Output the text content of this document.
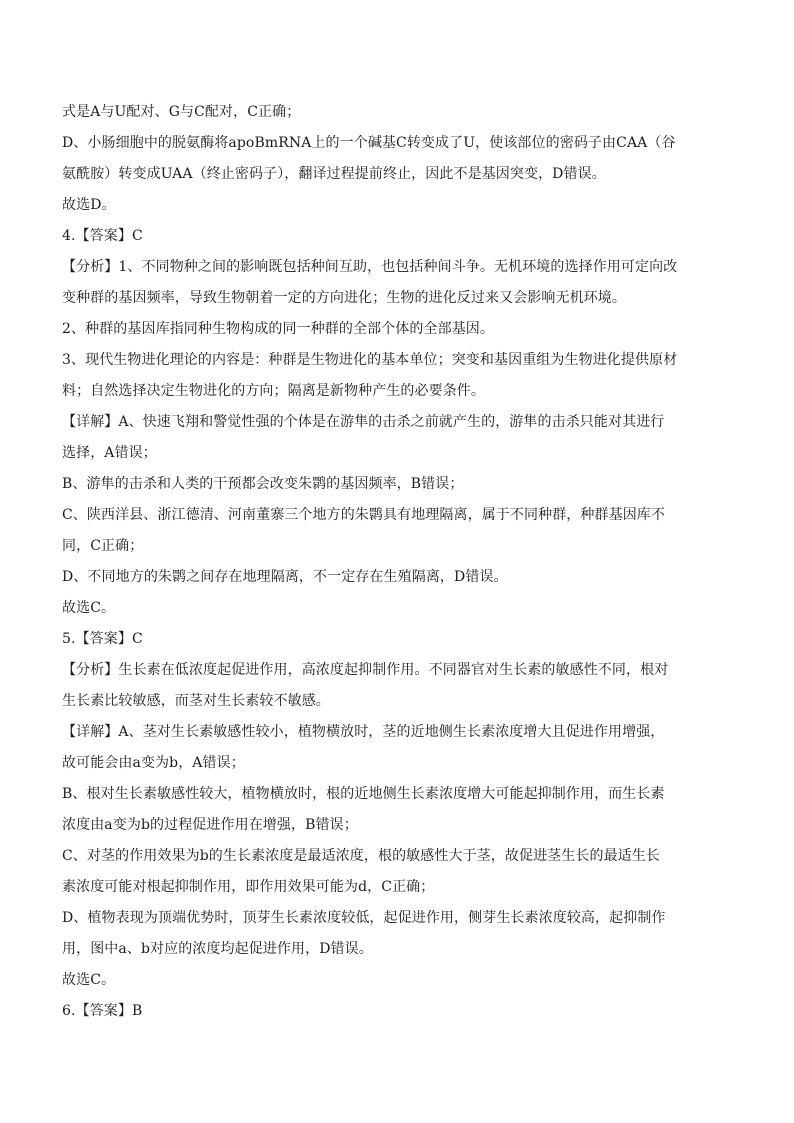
式是A与U配对、G与C配对，C正确；
D、小肠细胞中的脱氨酶将apoBmRNA上的一个碱基C转变成了U，使该部位的密码子由CAA（谷
氨酰胺）转变成UAA（终止密码子），翻译过程提前终止，因此不是基因突变，D错误。
故选D。
4.【答案】C
【分析】1、不同物种之间的影响既包括种间互助，也包括种间斗争。无机环境的选择作用可定向改
变种群的基因频率，导致生物朝着一定的方向进化；生物的进化反过来又会影响无机环境。
2、种群的基因库指同种生物构成的同一种群的全部个体的全部基因。
3、现代生物进化理论的内容是：种群是生物进化的基本单位；突变和基因重组为生物进化提供原材
料；自然选择决定生物进化的方向；隔离是新物种产生的必要条件。
【详解】A、快速飞翔和警觉性强的个体是在游隼的击杀之前就产生的，游隼的击杀只能对其进行
选择，A错误；
B、游隼的击杀和人类的干预都会改变朱鹮的基因频率，B错误；
C、陕西洋县、浙江德清、河南董寨三个地方的朱鹮具有地理隔离，属于不同种群，种群基因库不
同，C正确；
D、不同地方的朱鹮之间存在地理隔离，不一定存在生殖隔离，D错误。
故选C。
5.【答案】C
【分析】生长素在低浓度起促进作用，高浓度起抑制作用。不同器官对生长素的敏感性不同，根对
生长素比较敏感，而茎对生长素较不敏感。
【详解】A、茎对生长素敏感性较小，植物横放时，茎的近地侧生长素浓度增大且促进作用增强，
故可能会由a变为b，A错误；
B、根对生长素敏感性较大，植物横放时，根的近地侧生长素浓度增大可能起抑制作用，而生长素
浓度由a变为b的过程促进作用在增强，B错误；
C、对茎的作用效果为b的生长素浓度是最适浓度，根的敏感性大于茎，故促进茎生长的最适生长
素浓度可能对根起抑制作用，即作用效果可能为d，C正确；
D、植物表现为顶端优势时，顶芽生长素浓度较低，起促进作用，侧芽生长素浓度较高，起抑制作
用，图中a、b对应的浓度均起促进作用，D错误。
故选C。
6.【答案】B
